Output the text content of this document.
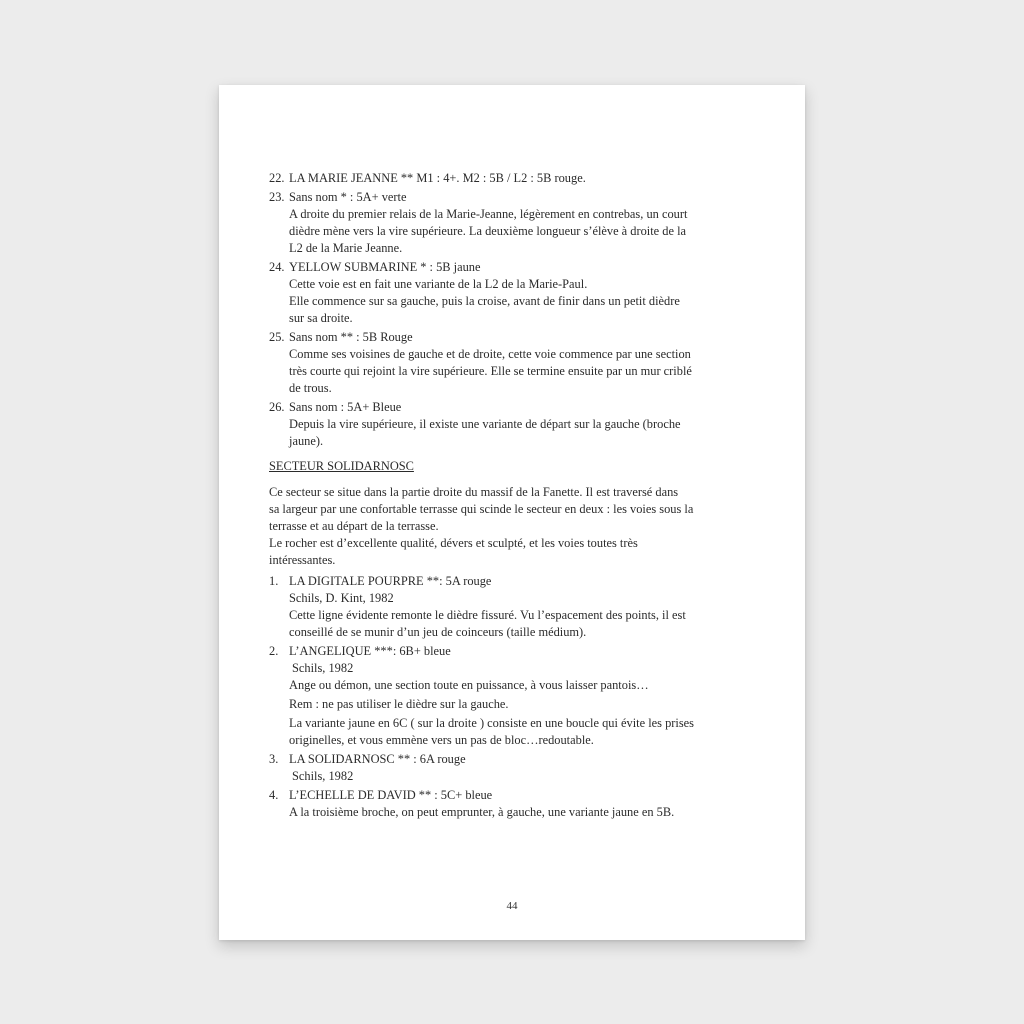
22. LA MARIE JEANNE ** M1 : 4+. M2 : 5B / L2 : 5B rouge.
23. Sans nom * : 5A+ verte
A droite du premier relais de la Marie-Jeanne, légèrement en contrebas, un court
dièdre mène vers la vire supérieure. La deuxième longueur s’élève à droite de la
L2 de la Marie Jeanne.
24. YELLOW SUBMARINE * : 5B jaune
Cette voie est en fait une variante de la L2 de la Marie-Paul.
Elle commence sur sa gauche, puis la croise, avant de finir dans un petit dièdre
sur sa droite.
25. Sans nom ** : 5B Rouge
Comme ses voisines de gauche et de droite, cette voie commence par une section
très courte qui rejoint la vire supérieure. Elle se termine ensuite par un mur criblé
de trous.
26. Sans nom : 5A+ Bleue
Depuis la vire supérieure, il existe une variante de départ sur la gauche (broche
jaune).
SECTEUR SOLIDARNOSC
Ce secteur se situe dans la partie droite du massif de la Fanette. Il est traversé dans
sa largeur par une confortable terrasse qui scinde le secteur en deux : les voies sous la
terrasse et au départ de la terrasse.
Le rocher est d’excellente qualité, dévers et sculpté, et les voies toutes très
intéressantes.
1. LA DIGITALE POURPRE **: 5A rouge
Schils, D. Kint, 1982
Cette ligne évidente remonte le dièdre fissuré. Vu l’espacement des points, il est
conseillé de se munir d’un jeu de coinceurs (taille médium).
2. L’ANGELIQUE ***: 6B+ bleue
Schils, 1982
Ange ou démon, une section toute en puissance, à vous laisser pantois…
Rem : ne pas utiliser le dièdre sur la gauche.
La variante jaune en 6C ( sur la droite ) consiste en une boucle qui évite les prises
originelles, et vous emmène vers un pas de bloc…redoutable.
3. LA SOLIDARNOSC ** : 6A rouge
Schils, 1982
4. L’ECHELLE DE DAVID ** : 5C+ bleue
A la troisième broche, on peut emprunter, à gauche, une variante jaune en 5B.
44
